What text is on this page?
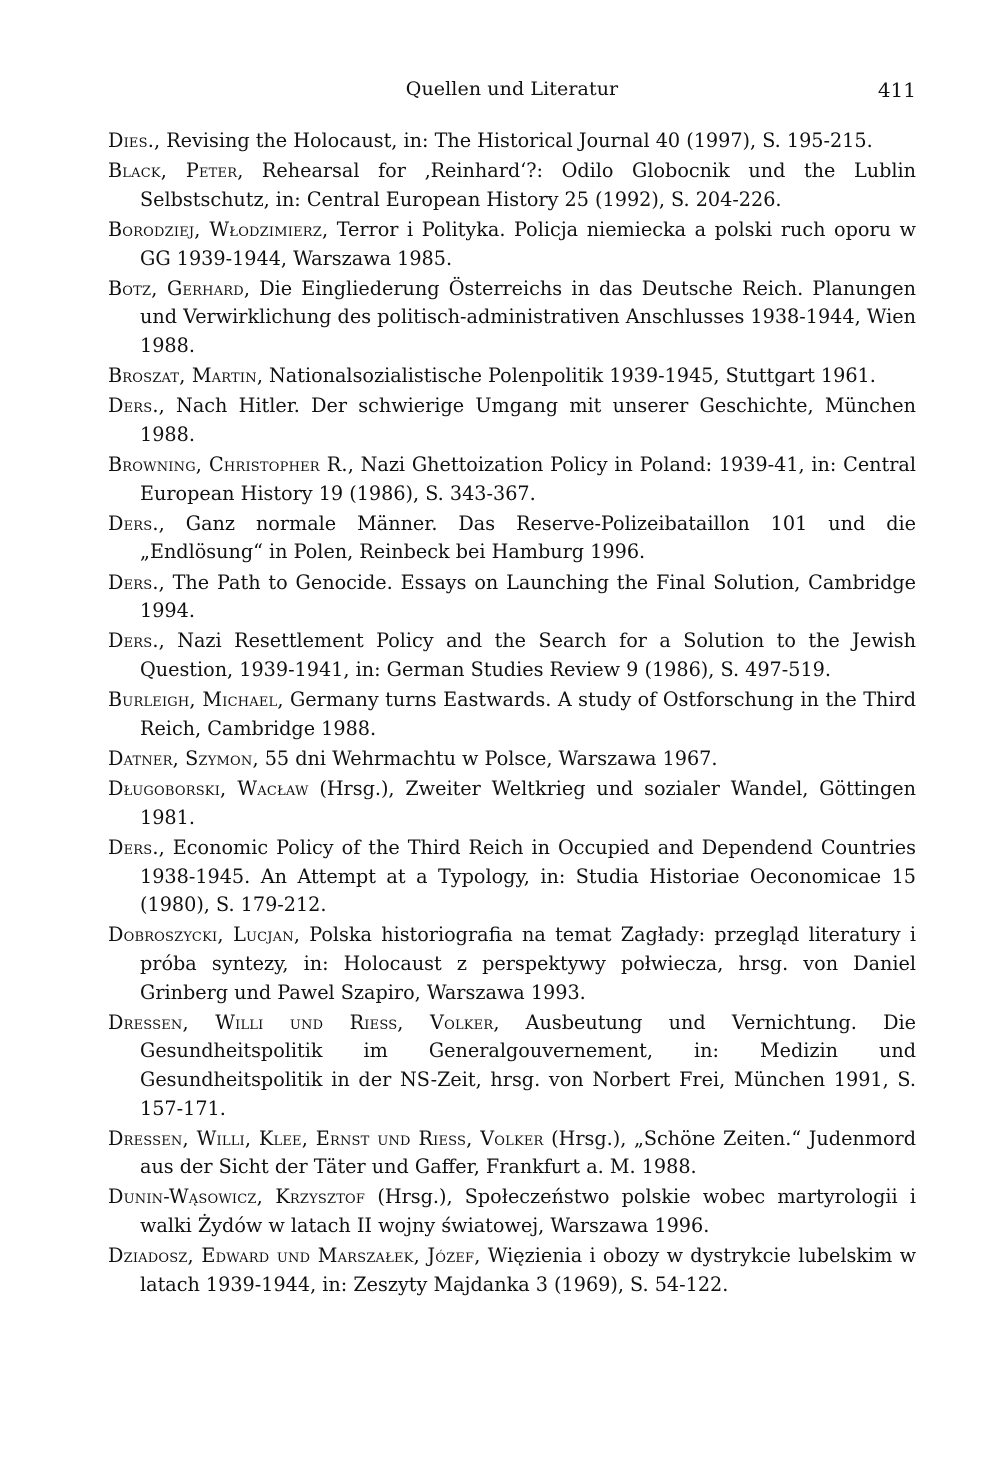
Quellen und Literatur	411
Dies., Revising the Holocaust, in: The Historical Journal 40 (1997), S. 195-215.
Black, Peter, Rehearsal for ‚Reinhard‘?: Odilo Globocnik und the Lublin Selbstschutz, in: Central European History 25 (1992), S. 204-226.
Borodziej, Włodzimierz, Terror i Polityka. Policja niemiecka a polski ruch oporu w GG 1939-1944, Warszawa 1985.
Botz, Gerhard, Die Eingliederung Österreichs in das Deutsche Reich. Planungen und Verwirklichung des politisch-administrativen Anschlusses 1938-1944, Wien 1988.
Broszat, Martin, Nationalsozialistische Polenpolitik 1939-1945, Stuttgart 1961.
Ders., Nach Hitler. Der schwierige Umgang mit unserer Geschichte, München 1988.
Browning, Christopher R., Nazi Ghettoization Policy in Poland: 1939-41, in: Central European History 19 (1986), S. 343-367.
Ders., Ganz normale Männer. Das Reserve-Polizeibataillon 101 und die „Endlösung“ in Polen, Reinbeck bei Hamburg 1996.
Ders., The Path to Genocide. Essays on Launching the Final Solution, Cambridge 1994.
Ders., Nazi Resettlement Policy and the Search for a Solution to the Jewish Question, 1939-1941, in: German Studies Review 9 (1986), S. 497-519.
Burleigh, Michael, Germany turns Eastwards. A study of Ostforschung in the Third Reich, Cambridge 1988.
Datner, Szymon, 55 dni Wehrmachtu w Polsce, Warszawa 1967.
Długoborski, Wacław (Hrsg.), Zweiter Weltkrieg und sozialer Wandel, Göttingen 1981.
Ders., Economic Policy of the Third Reich in Occupied and Dependend Countries 1938-1945. An Attempt at a Typology, in: Studia Historiae Oeconomicae 15 (1980), S. 179-212.
Dobroszycki, Lucjan, Polska historiografia na temat Zagłady: przegląd literatury i próba syntezy, in: Holocaust z perspektywy połwiecza, hrsg. von Daniel Grinberg und Pawel Szapiro, Warszawa 1993.
Dressen, Willi und Riess, Volker, Ausbeutung und Vernichtung. Die Gesundheitspolitik im Generalgouvernement, in: Medizin und Gesundheitspolitik in der NS-Zeit, hrsg. von Norbert Frei, München 1991, S. 157-171.
Dressen, Willi, Klee, Ernst und Riess, Volker (Hrsg.), „Schöne Zeiten.“ Judenmord aus der Sicht der Täter und Gaffer, Frankfurt a. M. 1988.
Dunin-Wąsowicz, Krzysztof (Hrsg.), Społeczeństwo polskie wobec martyrologii i walki Żydów w latach II wojny światowej, Warszawa 1996.
Dziadosz, Edward und Marszałek, Józef, Więzienia i obozy w dystrykcie lubelskim w latach 1939-1944, in: Zeszyty Majdanka 3 (1969), S. 54-122.
